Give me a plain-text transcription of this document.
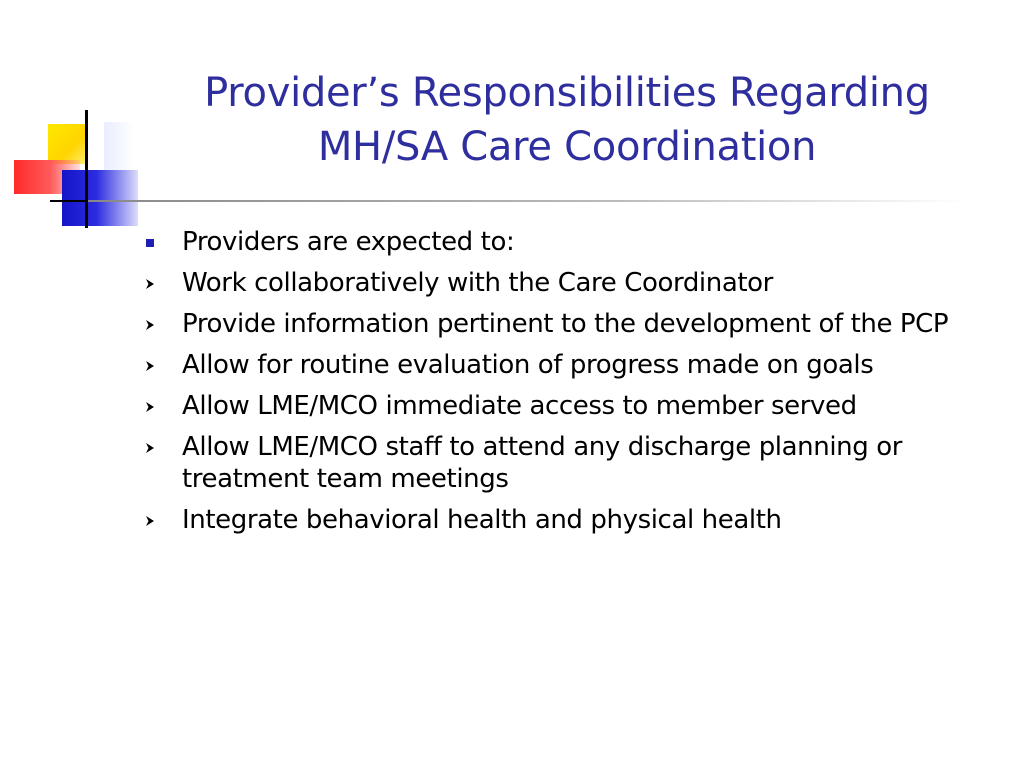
Provider’s Responsibilities Regarding
MH/SA Care Coordination
Providers are expected to:
Work collaboratively with the Care Coordinator
Provide information pertinent to the development of the PCP
Allow for routine evaluation of progress made on goals
Allow LME/MCO immediate access to member served
Allow LME/MCO staff to attend any discharge planning or treatment team meetings
Integrate behavioral health and physical health
